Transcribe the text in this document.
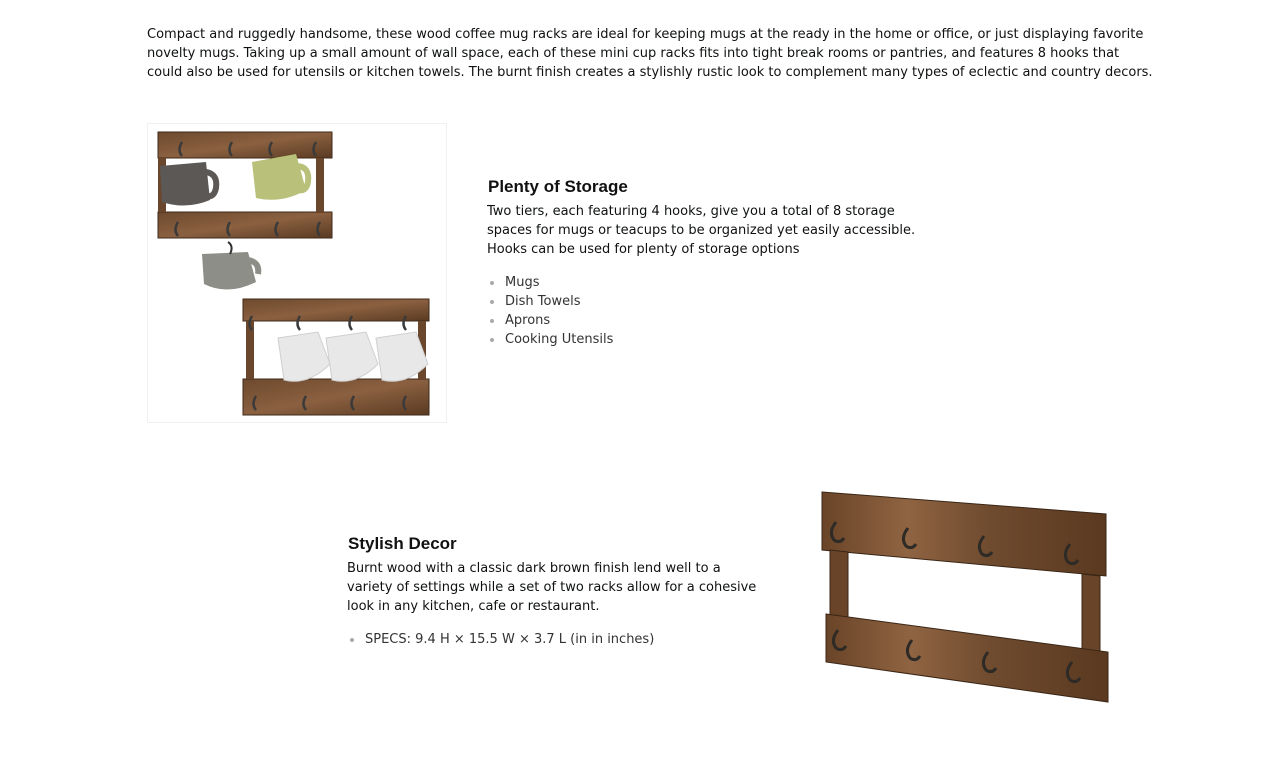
Compact and ruggedly handsome, these wood coffee mug racks are ideal for keeping mugs at the ready in the home or office, or just displaying favorite novelty mugs. Taking up a small amount of wall space, each of these mini cup racks fits into tight break rooms or pantries, and features 8 hooks that could also be used for utensils or kitchen towels. The burnt finish creates a stylishly rustic look to complement many types of eclectic and country decors.

Plenty of Storage

Two tiers, each featuring 4 hooks, give you a total of 8 storage spaces for mugs or teacups to be organized yet easily accessible. Hooks can be used for plenty of storage options

Mugs
Dish Towels
Aprons
Cooking Utensils
Stylish Decor

Burnt wood with a classic dark brown finish lend well to a variety of settings while a set of two racks allow for a cohesive look in any kitchen, cafe or restaurant.

SPECS: 9.4 H × 15.5 W × 3.7 L (in in inches)
